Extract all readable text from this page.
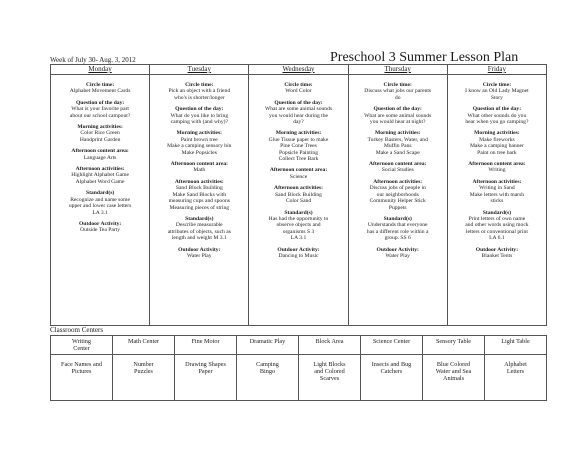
Week of July 30- Aug. 3, 2012	Preschool 3 Summer Lesson Plan
Monday
Circle time:
Alphabet Movement Cards
Question of the day:
What is your favorite part
about our school campout?
Morning activities:
Color Rice Green
Handprint Garden
Afternoon content area:
Language Arts
Afternoon activities:
Highlight Alphabet Game
Alphabet Word Game
Standard(s)
Recognize and name some
upper and lower case letters
LA 3.1
Outdoor Activity:
Outside Tea Party
Tuesday
Circle time:
Pick an object with a friend
who's is shorter/longer
Question of the day:
What do you like to bring
camping with (and why)?
Morning activities:
Paint brown tree
Make a camping sensory bin
Make Popsicles
Afternoon content area:
Math
Afternoon activities:
Sand Block Building
Make Sand Blocks with
measuring cups and spoons
Measuring pieces of string
Standard(s)
Describe measurable
attributes of objects, such as
length and weight M 3.1
Outdoor Activity:
Water Play
Wednesday
Circle time:
Word Color
Question of the day:
What are some animal sounds
you would hear during the
day?
Morning activities:
Glue Tissue paper to make
Pine Cone Trees
Popsicle Painting
Collect Tree Bark
Afternoon content area:
Science
Afternoon activities:
Sand Block Building
Color Sand
Standard(s)
Has had the opportunity to
observe objects and
organisms S 3
LA 3.1
Outdoor Activity:
Dancing to Music
Thursday
Circle time:
Discuss what jobs our parents
do
Question of the day:
What are some animal sounds
you would hear at night?
Morning activities:
Turkey Basters, Water, and
Muffin Pans
Make a Sand Scape
Afternoon content area:
Social Studies
Afternoon activities:
Discuss jobs of people in
our neighborhoods
Community Helper Stick
Puppets
Standard(s)
Understands that everyone
has a different role within a
group. SS 6
Outdoor Activity:
Water Play
Friday
Circle time:
I know an Old Lady Magnet
Story
Question of the day:
What other sounds do you
hear when you go camping?
Morning activities:
Make fireworks
Make a camping banner
Paint on tree bark
Afternoon content area:
Writing
Afternoon activities:
Writing in Sand
Make letters with marsh
sticks
Standard(s)
Print letters of own name
and other words using mock
letters or conventional print
LA 6.1
Outdoor Activity:
Blanket Tents
Classroom Centers
Writing
Center
Face Names and
Pictures
Math Center
Number
Puzzles
Fine Motor
Drawing Shapes
Paper
Dramatic Play
Camping
Bingo
Block Area
Light Blocks
and Colored
Scarves
Science Center
Insects and Bug
Catchers
Sensory Table
Blue Colored
Water and Sea
Animals
Light Table
Alphabet
Letters
